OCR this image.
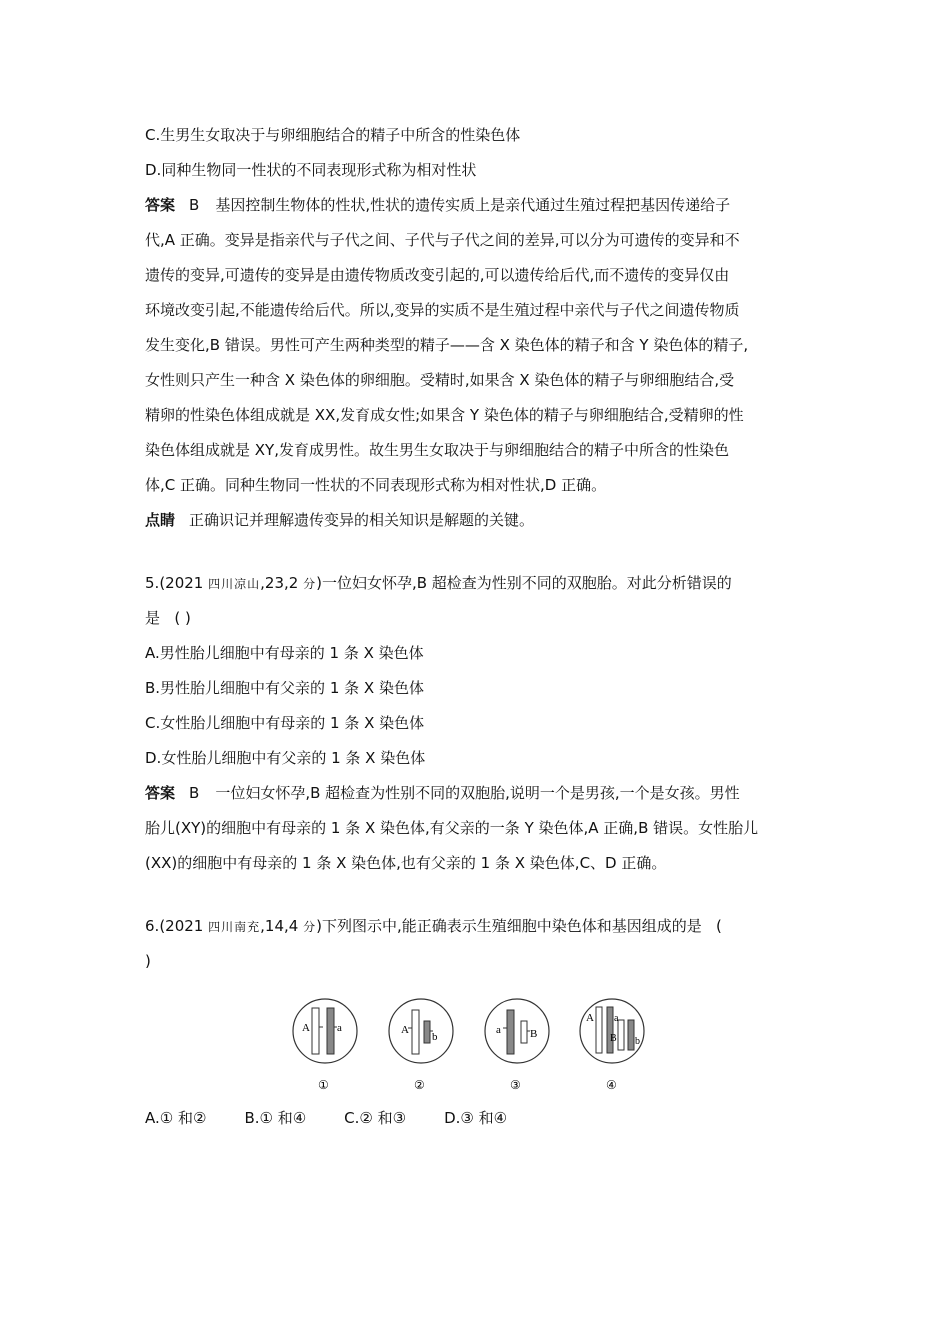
C.生男生女取决于与卵细胞结合的精子中所含的性染色体
D.同种生物同一性状的不同表现形式称为相对性状
答案 B 基因控制生物体的性状,性状的遗传实质上是亲代通过生殖过程把基因传递给子
代,A 正确。变异是指亲代与子代之间、子代与子代之间的差异,可以分为可遗传的变异和不
遗传的变异,可遗传的变异是由遗传物质改变引起的,可以遗传给后代,而不遗传的变异仅由
环境改变引起,不能遗传给后代。所以,变异的实质不是生殖过程中亲代与子代之间遗传物质
发生变化,B 错误。男性可产生两种类型的精子——含 X 染色体的精子和含 Y 染色体的精子,
女性则只产生一种含 X 染色体的卵细胞。受精时,如果含 X 染色体的精子与卵细胞结合,受
精卵的性染色体组成就是 XX,发育成女性;如果含 Y 染色体的精子与卵细胞结合,受精卵的性
染色体组成就是 XY,发育成男性。故生男生女取决于与卵细胞结合的精子中所含的性染色
体,C 正确。同种生物同一性状的不同表现形式称为相对性状,D 正确。
点睛 正确识记并理解遗传变异的相关知识是解题的关键。
5.(2021 四川凉山,23,2 分)一位妇女怀孕,B 超检查为性别不同的双胞胎。对此分析错误的
是 ( )
A.男性胎儿细胞中有母亲的 1 条 X 染色体
B.男性胎儿细胞中有父亲的 1 条 X 染色体
C.女性胎儿细胞中有母亲的 1 条 X 染色体
D.女性胎儿细胞中有父亲的 1 条 X 染色体
答案 B 一位妇女怀孕,B 超检查为性别不同的双胞胎,说明一个是男孩,一个是女孩。男性
胎儿(XY)的细胞中有母亲的 1 条 X 染色体,有父亲的一条 Y 染色体,A 正确,B 错误。女性胎儿
(XX)的细胞中有母亲的 1 条 X 染色体,也有父亲的 1 条 X 染色体,C、D 正确。
6.(2021 四川南充,14,4 分)下列图示中,能正确表示生殖细胞中染色体和基因组成的是 (
)
A a
①
A
b
②
a	B
③
A a
B b
④
A.① 和②	B.① 和④	C.② 和③	D.③ 和④
